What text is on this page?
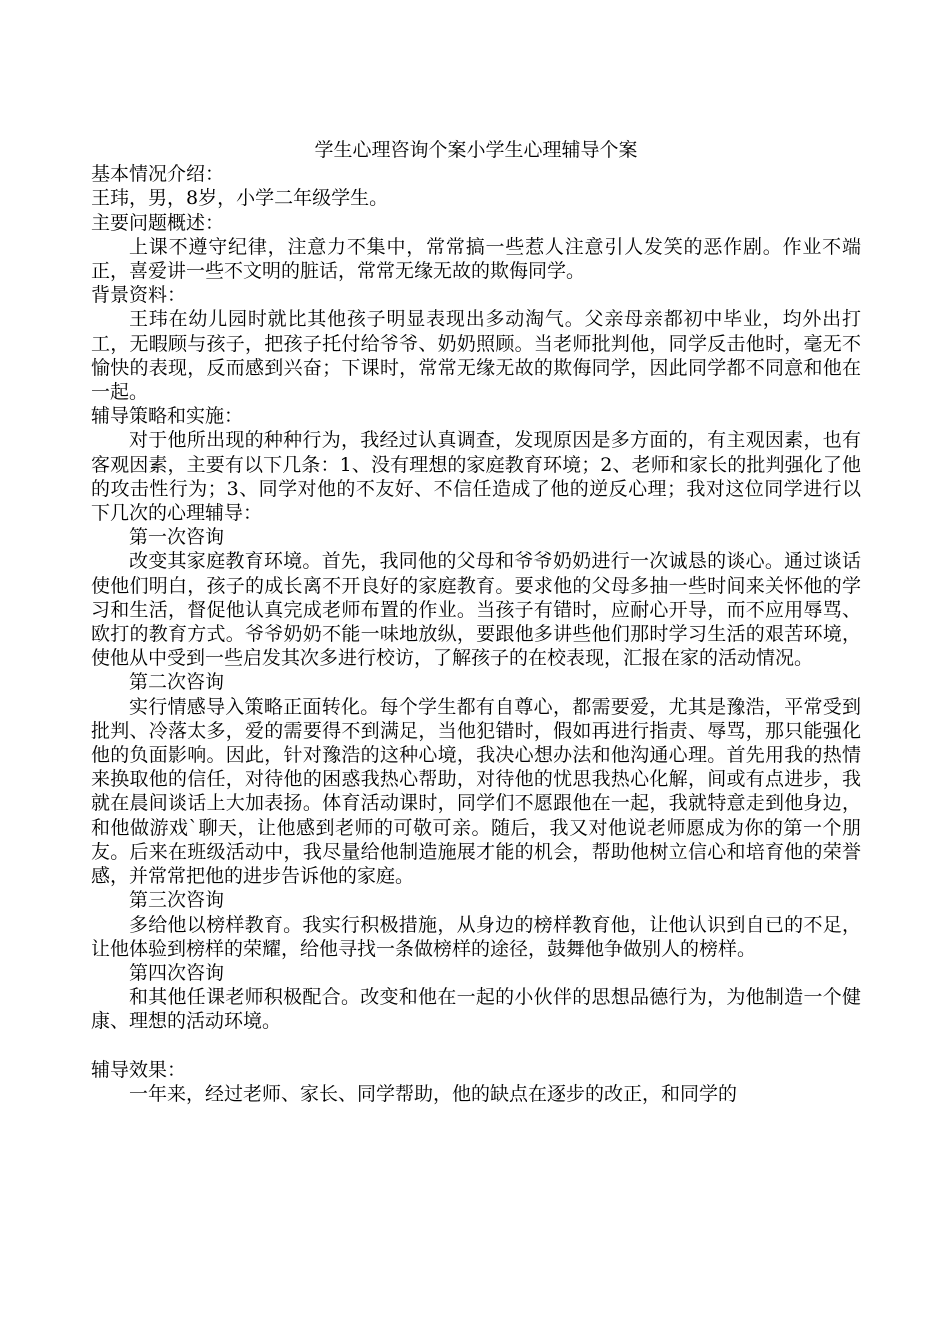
学生心理咨询个案小学生心理辅导个案

基本情况介绍：

王玮，男，8岁，小学二年级学生。

主要问题概述：

上课不遵守纪律，注意力不集中，常常搞一些惹人注意引人发笑的恶作剧。作业不端正，喜爱讲一些不文明的脏话，常常无缘无故的欺侮同学。

背景资料：

王玮在幼儿园时就比其他孩子明显表现出多动淘气。父亲母亲都初中毕业，均外出打工，无暇顾与孩子，把孩子托付给爷爷、奶奶照顾。当老师批判他，同学反击他时，毫无不愉快的表现，反而感到兴奋；下课时，常常无缘无故的欺侮同学，因此同学都不同意和他在一起。

辅导策略和实施：

对于他所出现的种种行为，我经过认真调查，发现原因是多方面的，有主观因素，也有客观因素，主要有以下几条：1、没有理想的家庭教育环境；2、老师和家长的批判强化了他的攻击性行为；3、同学对他的不友好、不信任造成了他的逆反心理；我对这位同学进行以下几次的心理辅导：

第一次咨询

改变其家庭教育环境。首先，我同他的父母和爷爷奶奶进行一次诚恳的谈心。通过谈话使他们明白，孩子的成长离不开良好的家庭教育。要求他的父母多抽一些时间来关怀他的学习和生活，督促他认真完成老师布置的作业。当孩子有错时，应耐心开导，而不应用辱骂、欧打的教育方式。爷爷奶奶不能一味地放纵，要跟他多讲些他们那时学习生活的艰苦环境，使他从中受到一些启发其次多进行校访，了解孩子的在校表现，汇报在家的活动情况。

第二次咨询

实行情感导入策略正面转化。每个学生都有自尊心，都需要爱，尤其是豫浩，平常受到批判、冷落太多，爱的需要得不到满足，当他犯错时，假如再进行指责、辱骂，那只能强化他的负面影响。因此，针对豫浩的这种心境，我决心想办法和他沟通心理。首先用我的热情来换取他的信任，对待他的困惑我热心帮助，对待他的忧思我热心化解，间或有点进步，我就在晨间谈话上大加表扬。体育活动课时，同学们不愿跟他在一起，我就特意走到他身边，和他做游戏`聊天，让他感到老师的可敬可亲。随后，我又对他说老师愿成为你的第一个朋友。后来在班级活动中，我尽量给他制造施展才能的机会，帮助他树立信心和培育他的荣誉感，并常常把他的进步告诉他的家庭。

第三次咨询

多给他以榜样教育。我实行积极措施，从身边的榜样教育他，让他认识到自已的不足，让他体验到榜样的荣耀，给他寻找一条做榜样的途径，鼓舞他争做别人的榜样。

第四次咨询

和其他任课老师积极配合。改变和他在一起的小伙伴的思想品德行为，为他制造一个健康、理想的活动环境。

辅导效果：

一年来，经过老师、家长、同学帮助，他的缺点在逐步的改正，和同学的
